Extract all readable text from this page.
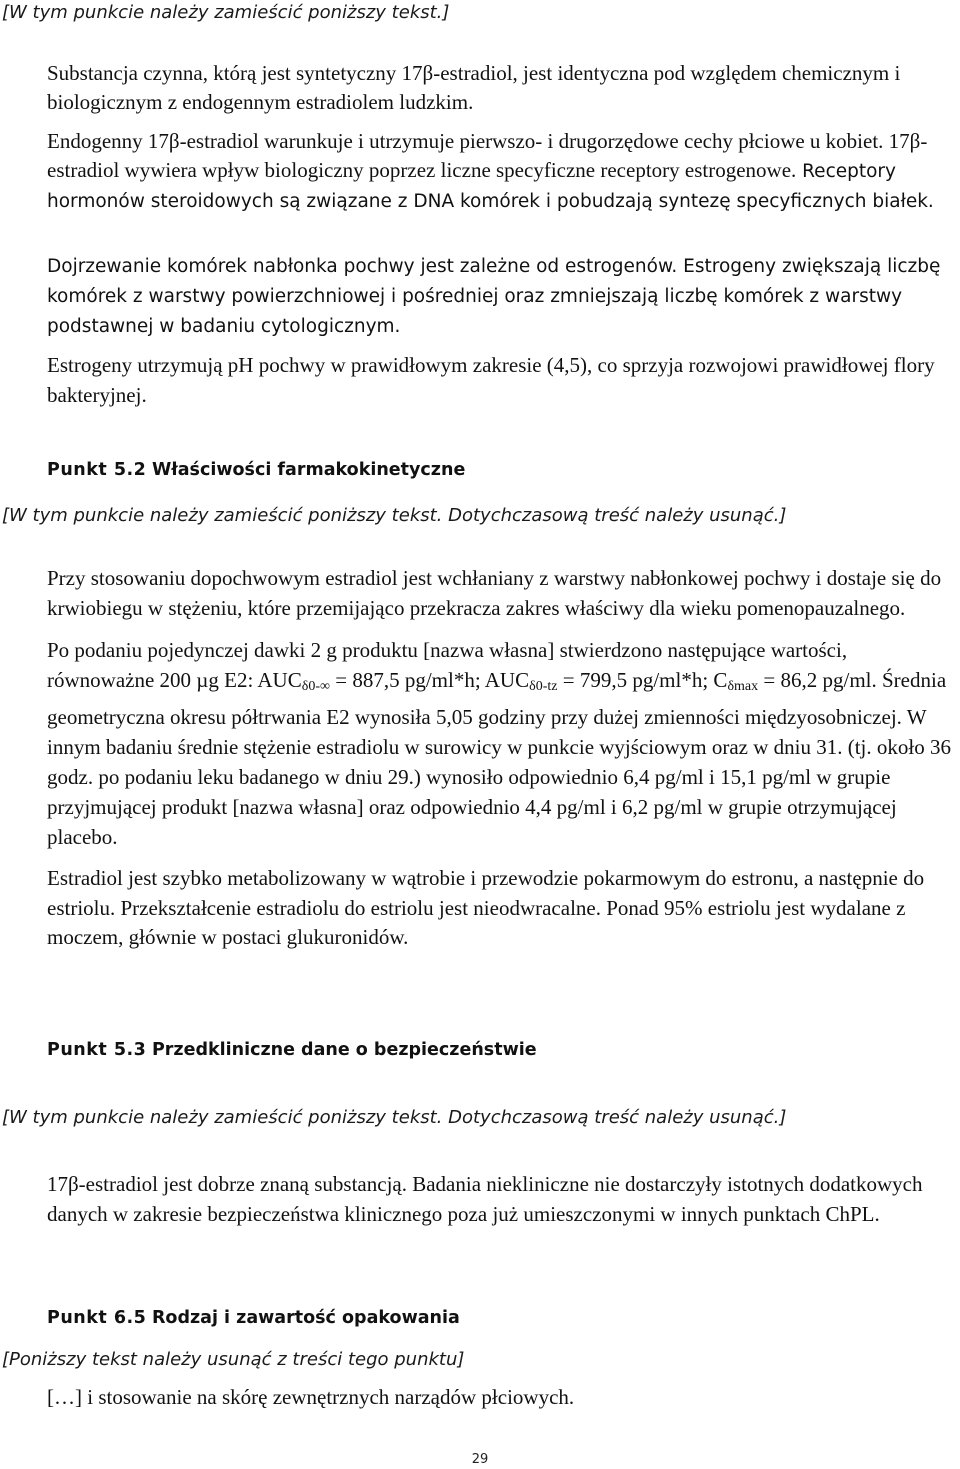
[W tym punkcie należy zamieścić poniższy tekst.]

Substancja czynna, którą jest syntetyczny 17β-estradiol, jest identyczna pod względem chemicznym i biologicznym z endogennym estradiolem ludzkim.

Endogenny 17β-estradiol warunkuje i utrzymuje pierwszo- i drugorzędowe cechy płciowe u kobiet. 17β-estradiol wywiera wpływ biologiczny poprzez liczne specyficzne receptory estrogenowe. Receptory hormonów steroidowych są związane z DNA komórek i pobudzają syntezę specyficznych białek.

Dojrzewanie komórek nabłonka pochwy jest zależne od estrogenów. Estrogeny zwiększają liczbę komórek z warstwy powierzchniowej i pośredniej oraz zmniejszają liczbę komórek z warstwy podstawnej w badaniu cytologicznym.

Estrogeny utrzymują pH pochwy w prawidłowym zakresie (4,5), co sprzyja rozwojowi prawidłowej flory bakteryjnej.

Punkt 5.2 Właściwości farmakokinetyczne
[W tym punkcie należy zamieścić poniższy tekst. Dotychczasową treść należy usunąć.]

Przy stosowaniu dopochwowym estradiol jest wchłaniany z warstwy nabłonkowej pochwy i dostaje się do krwiobiegu w stężeniu, które przemijająco przekracza zakres właściwy dla wieku pomenopauzalnego.

Po podaniu pojedynczej dawki 2 g produktu [nazwa własna] stwierdzono następujące wartości, równoważne 200 µg E2: $AUC_{\delta 0-\infty} = 887,5$ pg/ml*h; $AUC_{\delta 0-tz} = 799,5$ pg/ml*h; $C_{\delta max} = 86,2$ pg/ml. Średnia geometryczna okresu półtrwania E2 wynosiła 5,05 godziny przy dużej zmienności międzyosobniczej. W innym badaniu średnie stężenie estradiolu w surowicy w punkcie wyjściowym oraz w dniu 31. (tj. około 36 godz. po podaniu leku badanego w dniu 29.) wynosiło odpowiednio 6,4 pg/ml i 15,1 pg/ml w grupie przyjmującej produkt [nazwa własna] oraz odpowiednio 4,4 pg/ml i 6,2 pg/ml w grupie otrzymującej placebo.

Estradiol jest szybko metabolizowany w wątrobie i przewodzie pokarmowym do estronu, a następnie do estriolu. Przekształcenie estradiolu do estriolu jest nieodwracalne. Ponad 95% estriolu jest wydalane z moczem, głównie w postaci glukuronidów.

Punkt 5.3 Przedkliniczne dane o bezpieczeństwie
[W tym punkcie należy zamieścić poniższy tekst. Dotychczasową treść należy usunąć.]

17β-estradiol jest dobrze znaną substancją. Badania niekliniczne nie dostarczyły istotnych dodatkowych danych w zakresie bezpieczeństwa klinicznego poza już umieszczonymi w innych punktach ChPL.

Punkt 6.5 Rodzaj i zawartość opakowania
[Poniższy tekst należy usunąć z treści tego punktu]

[…] i stosowanie na skórę zewnętrznych narządów płciowych.

29
